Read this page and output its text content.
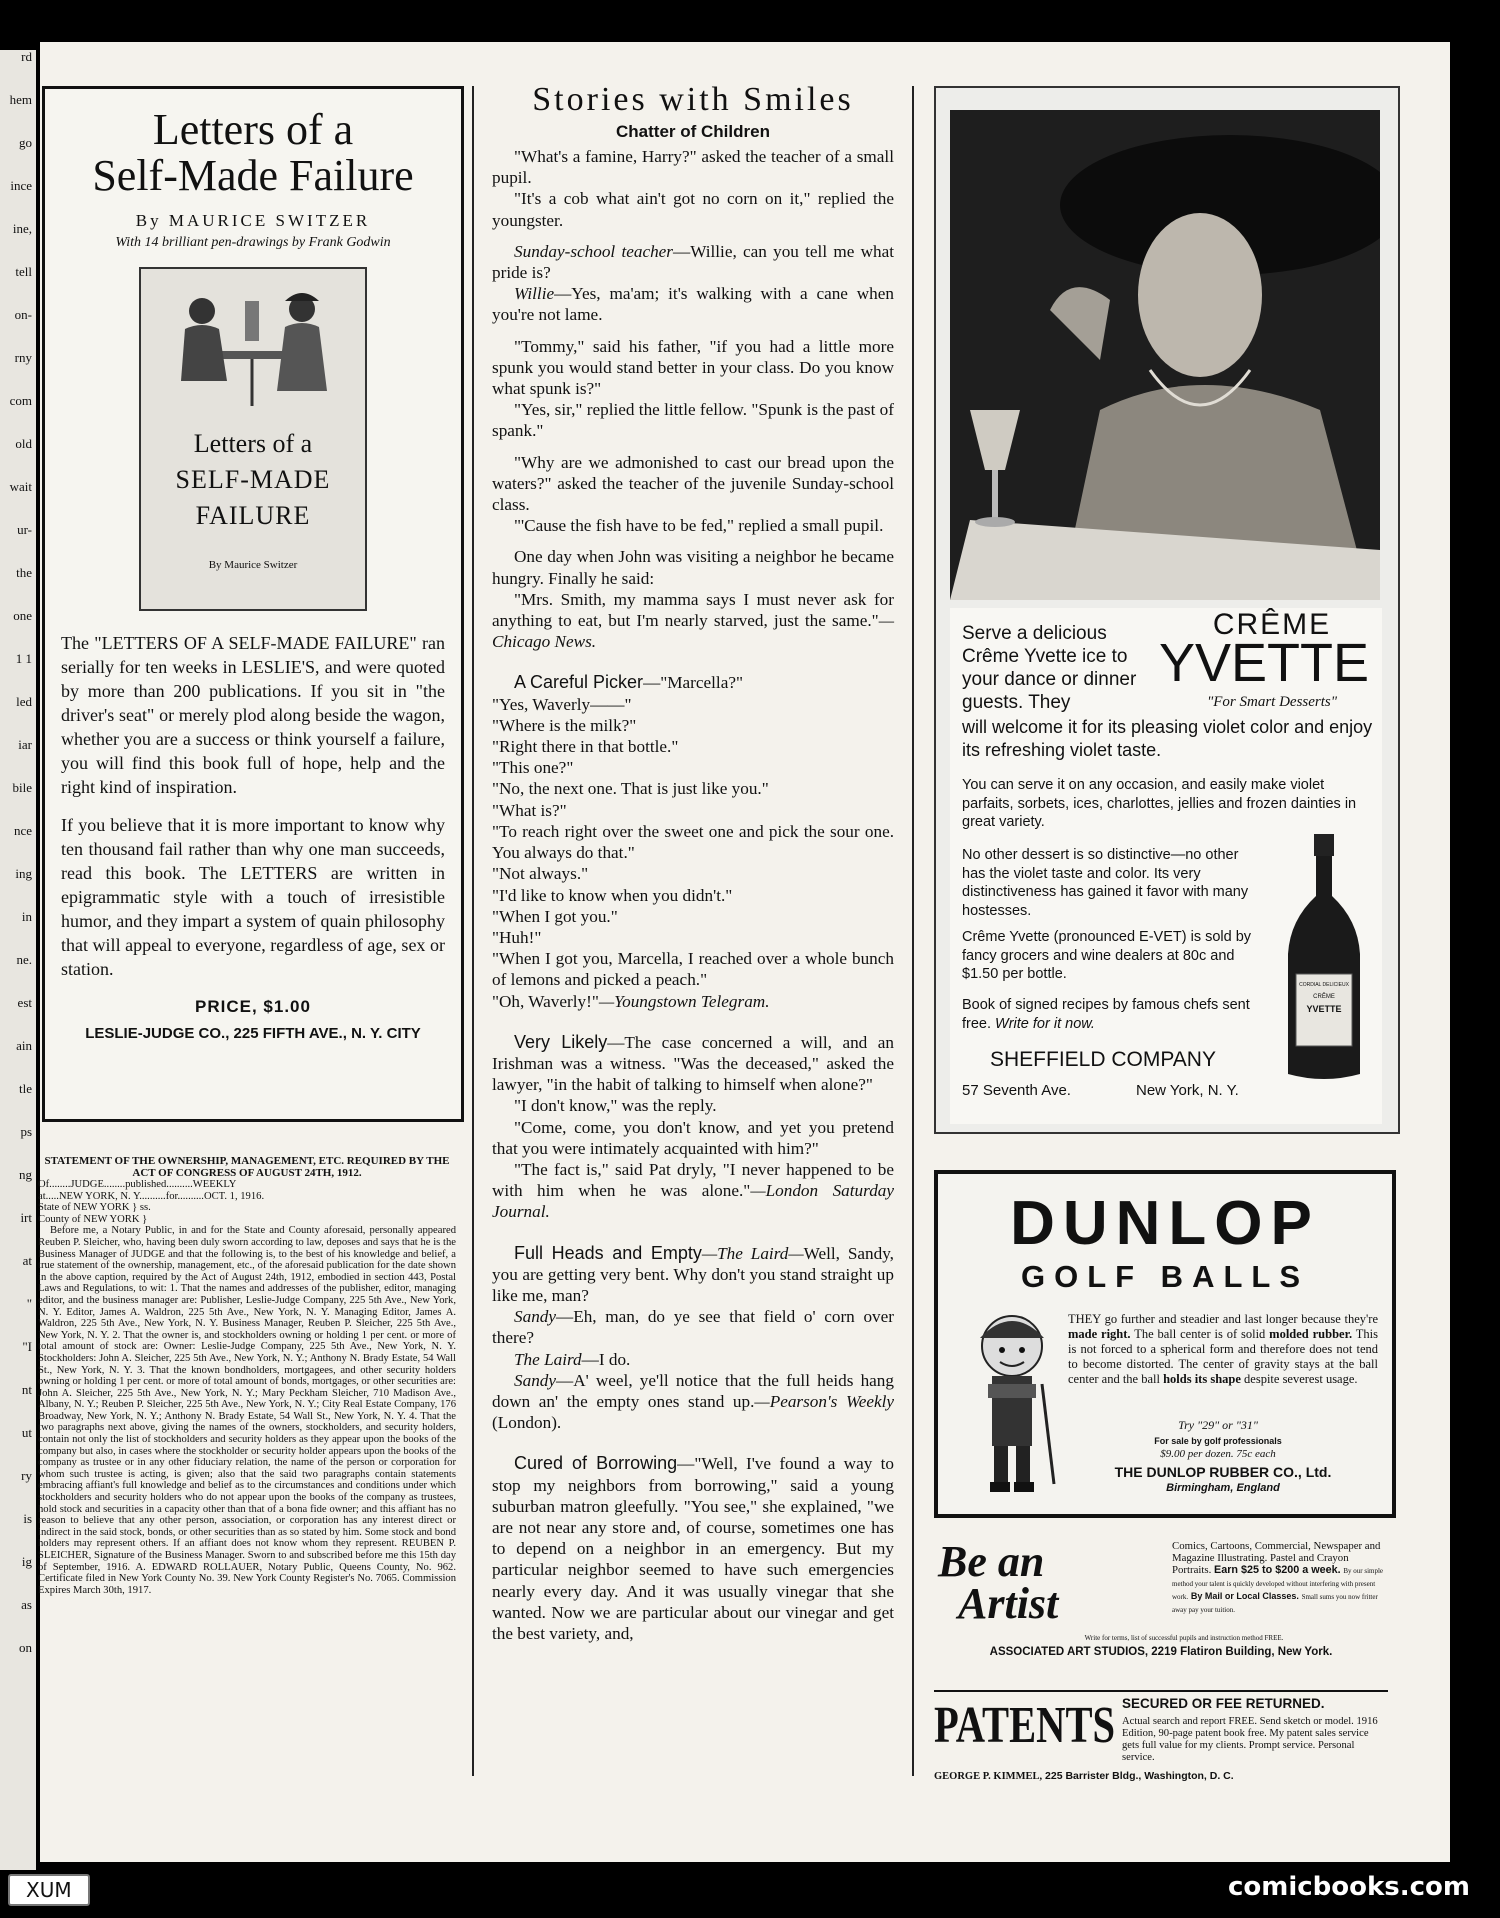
rd
hem
go
ince
ine,
tell
on-
rny
com
old
wait
ur-
the
one
1 1
led
iar
bile
nce
ing
in
ne.
est
ain
tle
ps
ng
irt
at
"
"I
nt
ut
ry
is
ig
as
on
Letters of a
Self-Made Failure
By MAURICE SWITZER
With 14 brilliant pen-drawings by Frank Godwin
Letters of a
SELF-MADE
FAILURE
By Maurice Switzer

The "LETTERS OF A SELF-MADE FAILURE" ran serially for ten weeks in LESLIE'S, and were quoted by more than 200 publications. If you sit in "the driver's seat" or merely plod along beside the wagon, whether you are a success or think yourself a failure, you will find this book full of hope, help and the right kind of inspiration.

If you believe that it is more important to know why ten thousand fail rather than why one man succeeds, read this book. The LETTERS are written in epigrammatic style with a touch of irresistible humor, and they impart a system of quain philosophy that will appeal to everyone, regardless of age, sex or station.

PRICE, $1.00
LESLIE-JUDGE CO., 225 FIFTH AVE., N. Y. CITY
STATEMENT OF THE OWNERSHIP, MANAGEMENT, ETC. REQUIRED BY THE ACT OF CONGRESS OF AUGUST 24TH, 1912.
Of........JUDGE........published..........WEEKLY
at.....NEW YORK, N. Y..........for..........OCT. 1, 1916.
State of NEW YORK } ss.
County of NEW YORK }
Before me, a Notary Public, in and for the State and County aforesaid, personally appeared Reuben P. Sleicher, who, having been duly sworn according to law, deposes and says that he is the Business Manager of JUDGE and that the following is, to the best of his knowledge and belief, a true statement of the ownership, management, etc., of the aforesaid publication for the date shown in the above caption, required by the Act of August 24th, 1912, embodied in section 443, Postal Laws and Regulations, to wit: 1. That the names and addresses of the publisher, editor, managing editor, and the business manager are: Publisher, Leslie-Judge Company, 225 5th Ave., New York, N. Y. Editor, James A. Waldron, 225 5th Ave., New York, N. Y. Managing Editor, James A. Waldron, 225 5th Ave., New York, N. Y. Business Manager, Reuben P. Sleicher, 225 5th Ave., New York, N. Y. 2. That the owner is, and stockholders owning or holding 1 per cent. or more of total amount of stock are: Owner: Leslie-Judge Company, 225 5th Ave., New York, N. Y. Stockholders: John A. Sleicher, 225 5th Ave., New York, N. Y.; Anthony N. Brady Estate, 54 Wall St., New York, N. Y. 3. That the known bondholders, mortgagees, and other security holders owning or holding 1 per cent. or more of total amount of bonds, mortgages, or other securities are: John A. Sleicher, 225 5th Ave., New York, N. Y.; Mary Peckham Sleicher, 710 Madison Ave., Albany, N. Y.; Reuben P. Sleicher, 225 5th Ave., New York, N. Y.; City Real Estate Company, 176 Broadway, New York, N. Y.; Anthony N. Brady Estate, 54 Wall St., New York, N. Y. 4. That the two paragraphs next above, giving the names of the owners, stockholders, and security holders, contain not only the list of stockholders and security holders as they appear upon the books of the company but also, in cases where the stockholder or security holder appears upon the books of the company as trustee or in any other fiduciary relation, the name of the person or corporation for whom such trustee is acting, is given; also that the said two paragraphs contain statements embracing affiant's full knowledge and belief as to the circumstances and conditions under which stockholders and security holders who do not appear upon the books of the company as trustees, hold stock and securities in a capacity other than that of a bona fide owner; and this affiant has no reason to believe that any other person, association, or corporation has any interest direct or indirect in the said stock, bonds, or other securities than as so stated by him. Some stock and bond holders may represent others. If an affiant does not know whom they represent. REUBEN P. SLEICHER, Signature of the Business Manager. Sworn to and subscribed before me this 15th day of September, 1916. A. EDWARD ROLLAUER, Notary Public, Queens County, No. 962. Certificate filed in New York County No. 39. New York County Register's No. 7065. Commission Expires March 30th, 1917.
Stories with Smiles
Chatter of Children

"What's a famine, Harry?" asked the teacher of a small pupil.

"It's a cob what ain't got no corn on it," replied the youngster.

Sunday-school teacher—Willie, can you tell me what pride is?

Willie—Yes, ma'am; it's walking with a cane when you're not lame.

"Tommy," said his father, "if you had a little more spunk you would stand better in your class. Do you know what spunk is?"

"Yes, sir," replied the little fellow. "Spunk is the past of spank."

"Why are we admonished to cast our bread upon the waters?" asked the teacher of the juvenile Sunday-school class.

"'Cause the fish have to be fed," replied a small pupil.

One day when John was visiting a neighbor he became hungry. Finally he said:

"Mrs. Smith, my mamma says I must never ask for anything to eat, but I'm nearly starved, just the same."—Chicago News.

A Careful Picker—"Marcella?"
"Yes, Waverly——"
"Where is the milk?"
"Right there in that bottle."
"This one?"
"No, the next one. That is just like you."
"What is?"
"To reach right over the sweet one and pick the sour one. You always do that."
"Not always."
"I'd like to know when you didn't."
"When I got you."
"Huh!"
"When I got you, Marcella, I reached over a whole bunch of lemons and picked a peach."
"Oh, Waverly!"—Youngstown Telegram.

Very Likely—The case concerned a will, and an Irishman was a witness. "Was the deceased," asked the lawyer, "in the habit of talking to himself when alone?"

"I don't know," was the reply.

"Come, come, you don't know, and yet you pretend that you were intimately acquainted with him?"

"The fact is," said Pat dryly, "I never happened to be with him when he was alone."—London Saturday Journal.

Full Heads and Empty—The Laird—Well, Sandy, you are getting very bent. Why don't you stand straight up like me, man?

Sandy—Eh, man, do ye see that field o' corn over there?

The Laird—I do.

Sandy—A' weel, ye'll notice that the full heids hang down an' the empty ones stand up.—Pearson's Weekly (London).

Cured of Borrowing—"Well, I've found a way to stop my neighbors from borrowing," said a young suburban matron gleefully. "You see," she explained, "we are not near any store and, of course, sometimes one has to depend on a neighbor in an emergency. But my particular neighbor seemed to have such emergencies nearly every day. And it was usually vinegar that she wanted. Now we are particular about our vinegar and get the best variety, and,

Serve a delicious Crême Yvette ice to your dance or dinner guests. They
CRÊME
YVETTE
"For Smart Desserts"
will welcome it for its pleasing violet color and enjoy its refreshing violet taste.
You can serve it on any occasion, and easily make violet parfaits, sorbets, ices, charlottes, jellies and frozen dainties in great variety.
No other dessert is so distinctive—no other has the violet taste and color. Its very distinctiveness has gained it favor with many hostesses.
Crême Yvette (pronounced E-VET) is sold by fancy grocers and wine dealers at 80c and $1.50 per bottle.
Book of signed recipes by famous chefs sent free. Write for it now.
SHEFFIELD COMPANY
57 Seventh Ave.	New York, N. Y.
CORDIAL DELICIEUX
CRÊME
YVETTE
DUNLOP
GOLF BALLS
THEY go further and steadier and last longer because they're made right. The ball center is of solid molded rubber. This is not forced to a spherical form and therefore does not tend to become distorted. The center of gravity stays at the ball center and the ball holds its shape despite severest usage.
Try "29" or "31"
For sale by golf professionals
$9.00 per dozen. 75c each
THE DUNLOP RUBBER CO., Ltd.
Birmingham, England
Be an
Artist
Comics, Cartoons, Commercial, Newspaper and Magazine Illustrating. Pastel and Crayon Portraits. Earn $25 to $200 a week. By our simple method your talent is quickly developed without interfering with present work. By Mail or Local Classes. Small sums you now fritter away pay your tuition.
Write for terms, list of successful pupils and instruction method FREE.
ASSOCIATED ART STUDIOS, 2219 Flatiron Building, New York.
PATENTS SECURED OR FEE RETURNED.
Actual search and report FREE. Send sketch or model. 1916 Edition, 90-page patent book free. My patent sales service gets full value for my clients. Prompt service. Personal service.
GEORGE P. KIMMEL, 225 Barrister Bldg., Washington, D. C.
comicbooks.com
XUM
